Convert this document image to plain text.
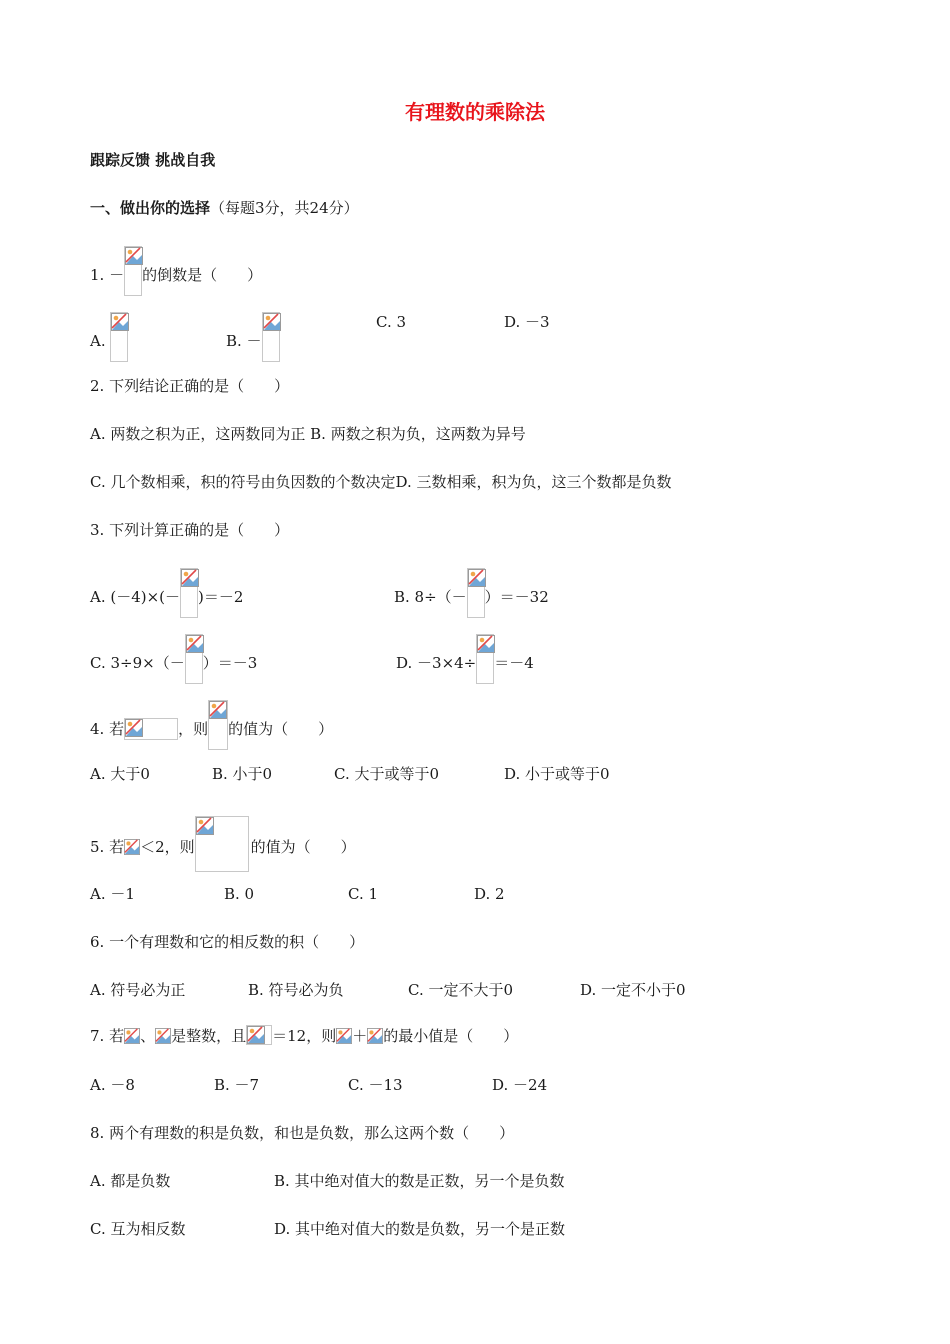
有理数的乘除法
跟踪反馈 挑战自我
一、做出你的选择（每题3分，共24分）
1. － 的倒数是（　　）
A.	B. －
C. 3	D. －3
2. 下列结论正确的是（　　）
A. 两数之积为正，这两数同为正 B. 两数之积为负，这两数为异号
C. 几个数相乘，积的符号由负因数的个数决定D. 三数相乘，积为负，这三个数都是负数
3. 下列计算正确的是（　　）
A. (－4)×(－ )＝－2	B. 8÷（－ ）＝－32
C. 3÷9×（－ ）＝－3	D. －3×4÷ ＝－4
4. 若	，则 的值为（　　）
A. 大于0	B. 小于0	C. 大于或等于0	D. 小于或等于0
5. 若 ＜2，则	的值为（　　）
A. －1	B. 0	C. 1	D. 2
6. 一个有理数和它的相反数的积（　　）
A. 符号必为正	B. 符号必为负	C. 一定不大于0	D. 一定不小于0
7. 若 、 是整数，且 ＝12，则 ＋ 的最小值是（　　）
A. －8	B. －7	C. －13	D. －24
8. 两个有理数的积是负数，和也是负数，那么这两个数（　　）
A. 都是负数	B. 其中绝对值大的数是正数，另一个是负数
C. 互为相反数	D. 其中绝对值大的数是负数，另一个是正数
